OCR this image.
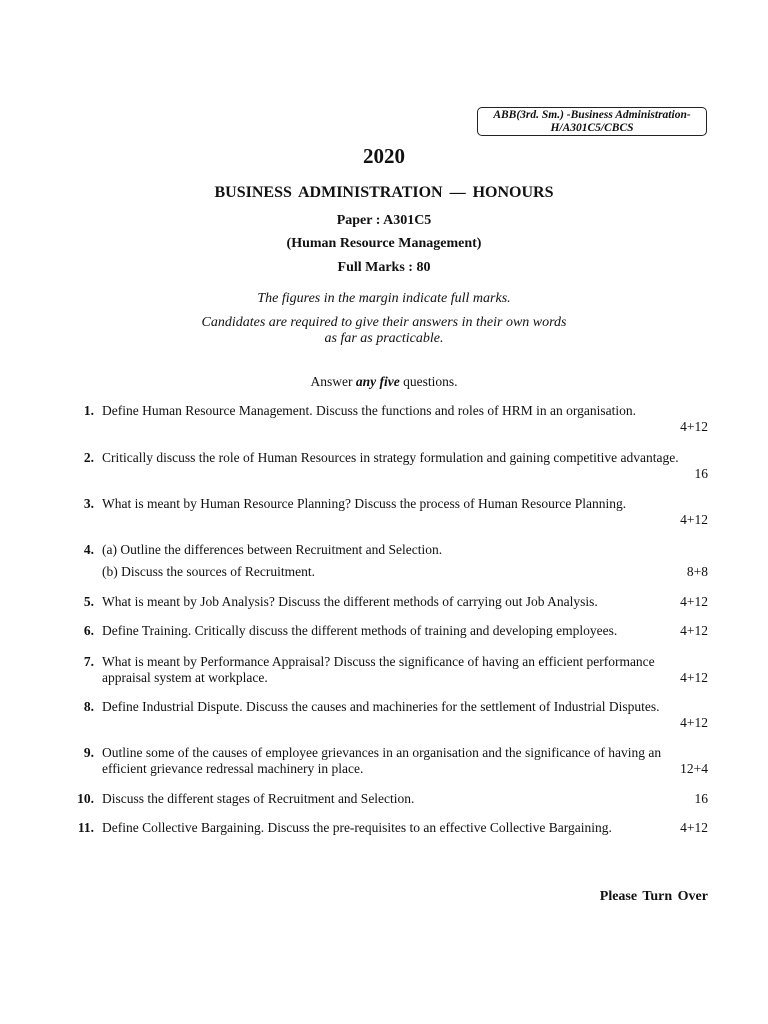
ABB(3rd. Sm.) -Business Administration-
H/A301C5/CBCS
2020
BUSINESS ADMINISTRATION — HONOURS
Paper : A301C5
(Human Resource Management)
Full Marks : 80
The figures in the margin indicate full marks.
Candidates are required to give their answers in their own words
as far as practicable.
Answer any five questions.
1. Define Human Resource Management. Discuss the functions and roles of HRM in an organisation.
4+12
2. Critically discuss the role of Human Resources in strategy formulation and gaining competitive advantage.
16
3. What is meant by Human Resource Planning? Discuss the process of Human Resource Planning.
4+12
4. (a) Outline the differences between Recruitment and Selection.
(b) Discuss the sources of Recruitment.	8+8
5. What is meant by Job Analysis? Discuss the different methods of carrying out Job Analysis.	4+12
6. Define Training. Critically discuss the different methods of training and developing employees.	4+12
7. What is meant by Performance Appraisal? Discuss the significance of having an efficient performance
appraisal system at workplace.	4+12
8. Define Industrial Dispute. Discuss the causes and machineries for the settlement of Industrial Disputes.
4+12
9. Outline some of the causes of employee grievances in an organisation and the significance of having an
efficient grievance redressal machinery in place.	12+4
10. Discuss the different stages of Recruitment and Selection.	16
11. Define Collective Bargaining. Discuss the pre-requisites to an effective Collective Bargaining.	4+12
Please Turn Over
